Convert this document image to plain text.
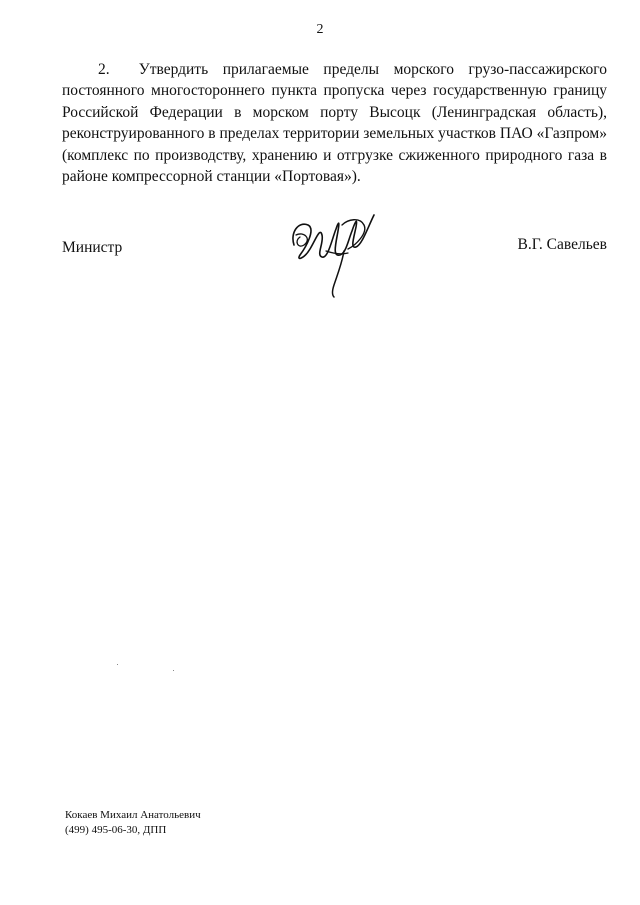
2

2.  Утвердить прилагаемые пределы морского грузо-пассажирского постоянного многостороннего пункта пропуска через государственную границу Российской Федерации в морском порту Высоцк (Ленинградская область), реконструированного в пределах территории земельных участков ПАО «Газпром» (комплекс по производству, хранению и отгрузке сжиженного природного газа в районе компрессорной станции «Портовая»).

Министр	В.Г. Савельев
Кокаев Михаил Анатольевич
(499) 495-06-30, ДПП
